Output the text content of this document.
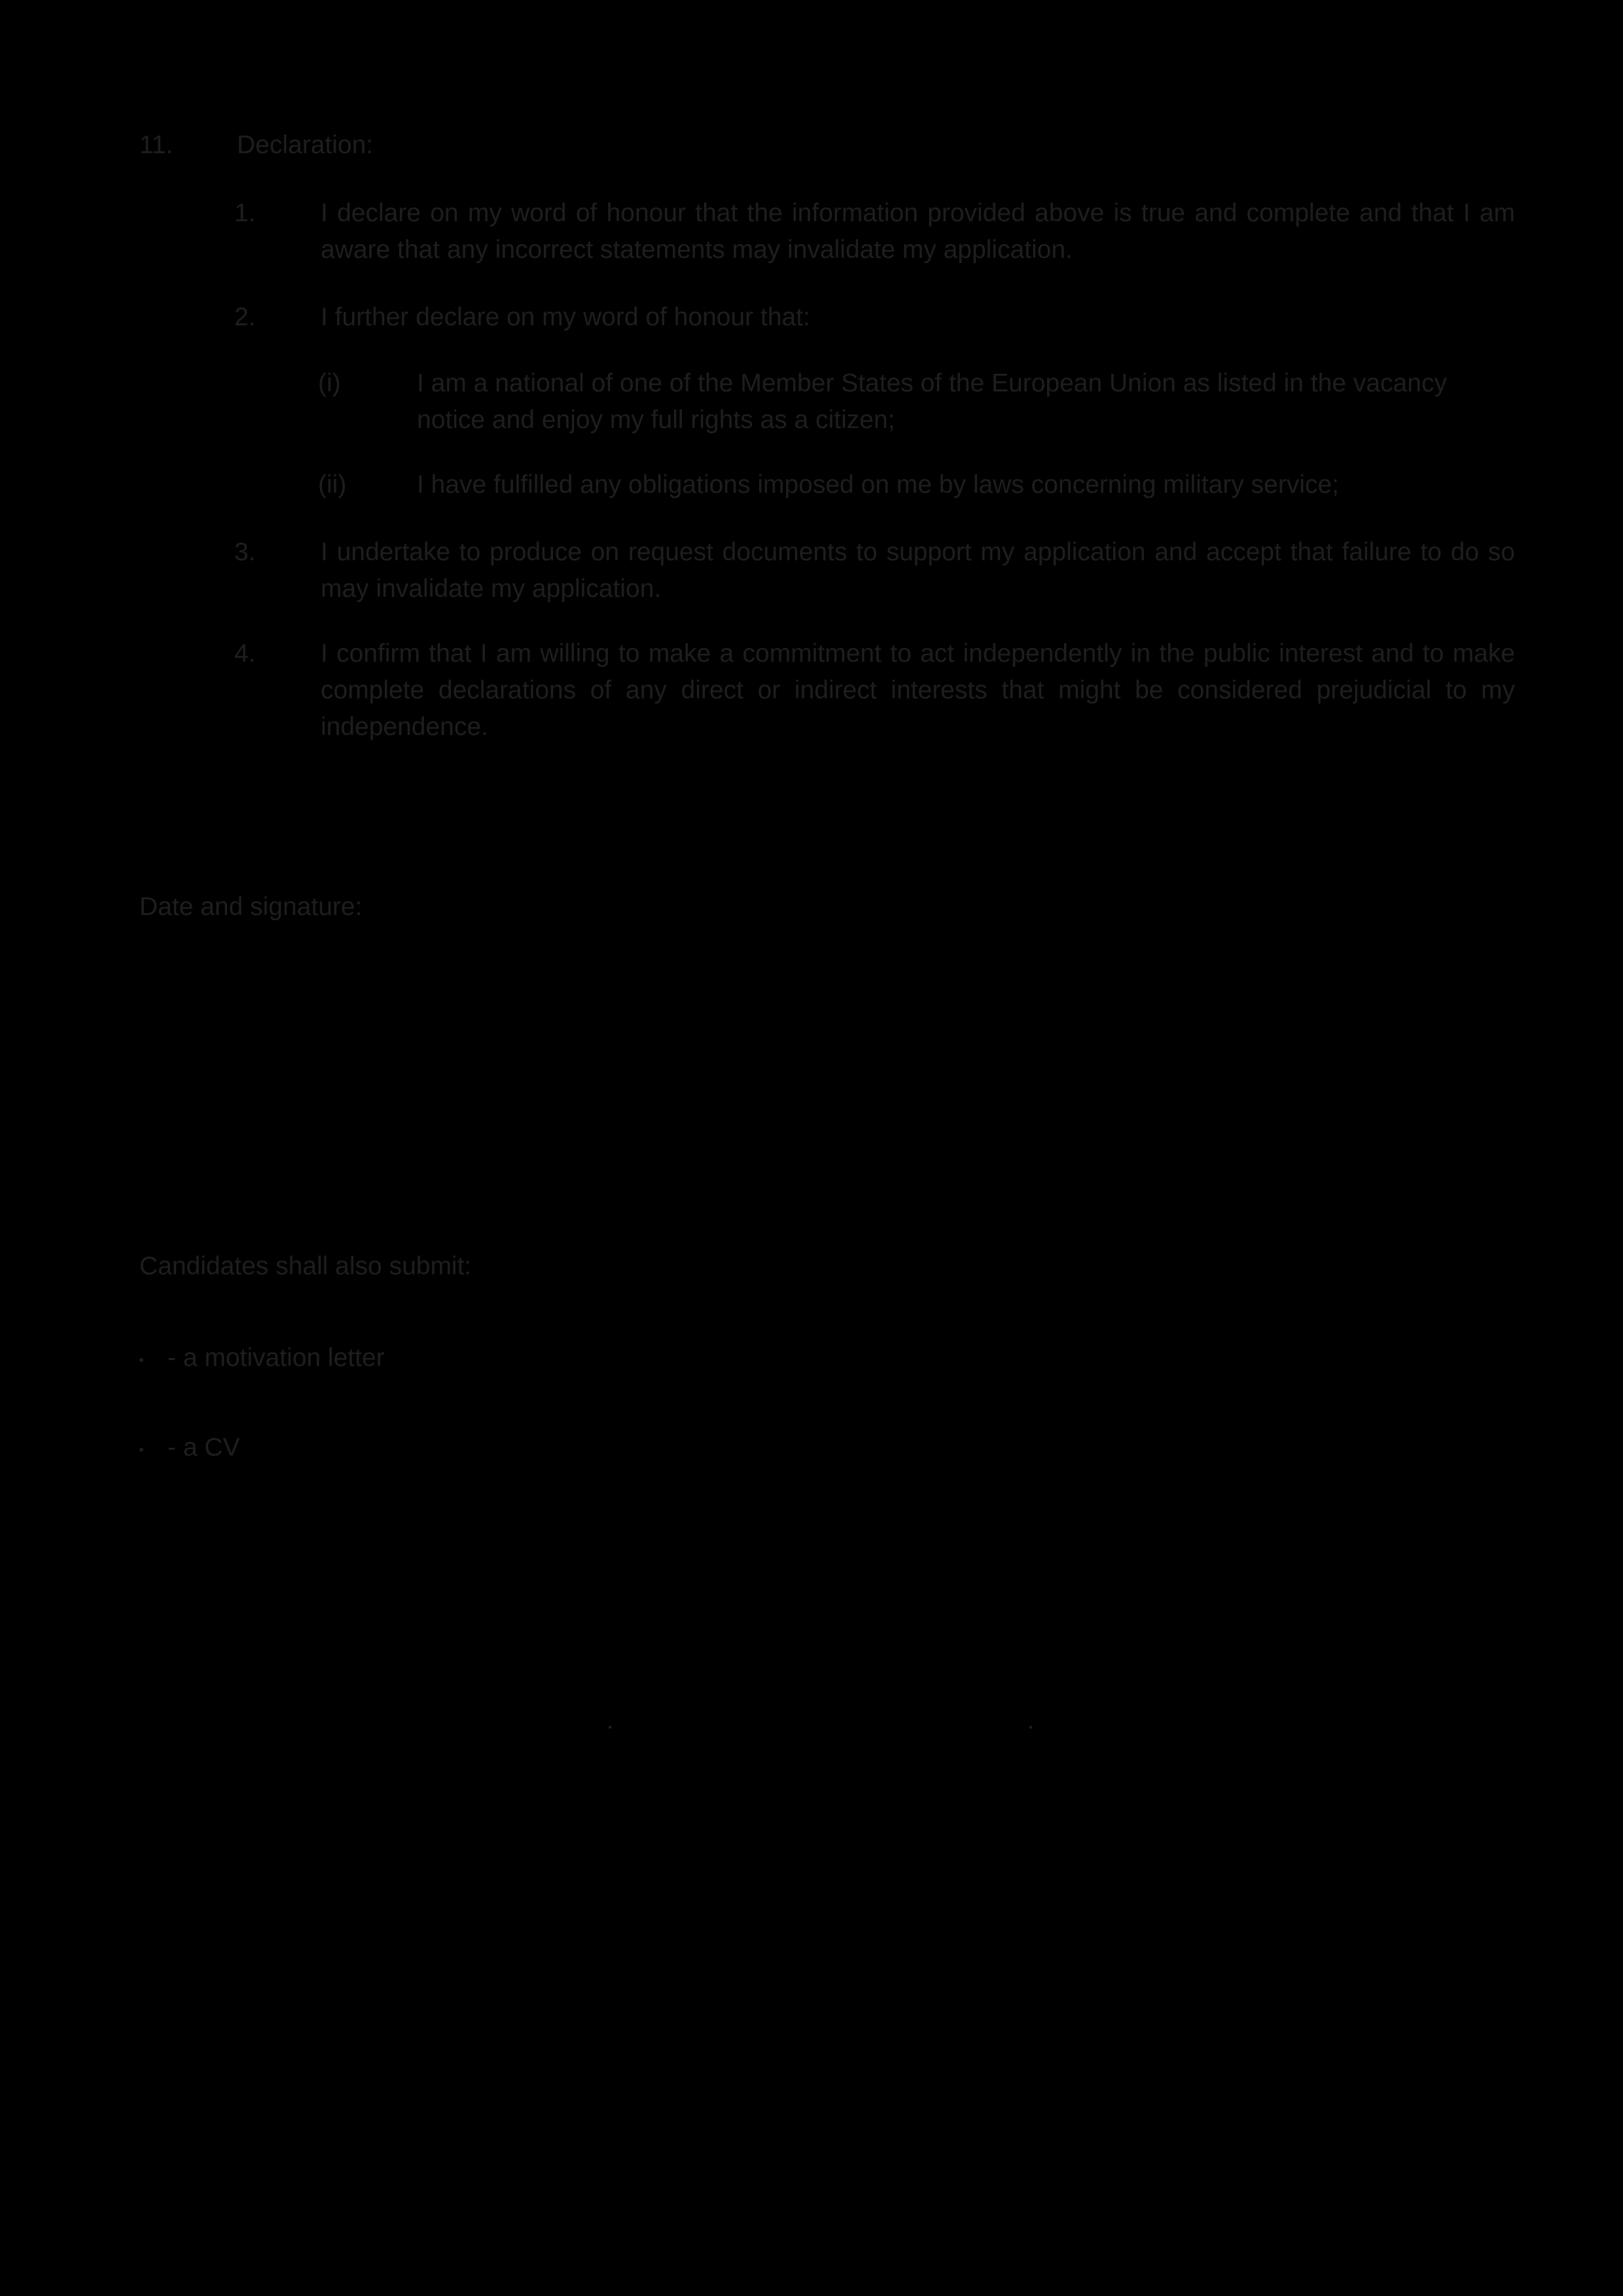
11.	Declaration:
1.	I declare on my word of honour that the information provided above is true and complete and that I am aware that any incorrect statements may invalidate my application.
2.	I further declare on my word of honour that:
(i)	I am a national of one of the Member States of the European Union as listed in the vacancy notice and enjoy my full rights as a citizen;
(ii)	I have fulfilled any obligations imposed on me by laws concerning military service;
3.	I undertake to produce on request documents to support my application and accept that failure to do so may invalidate my application.
4.	I confirm that I am willing to make a commitment to act independently in the public interest and to make complete declarations of any direct or indirect interests that might be considered prejudicial to my independence.
Date and signature:
Candidates shall also submit:
- a motivation letter
- a CV
